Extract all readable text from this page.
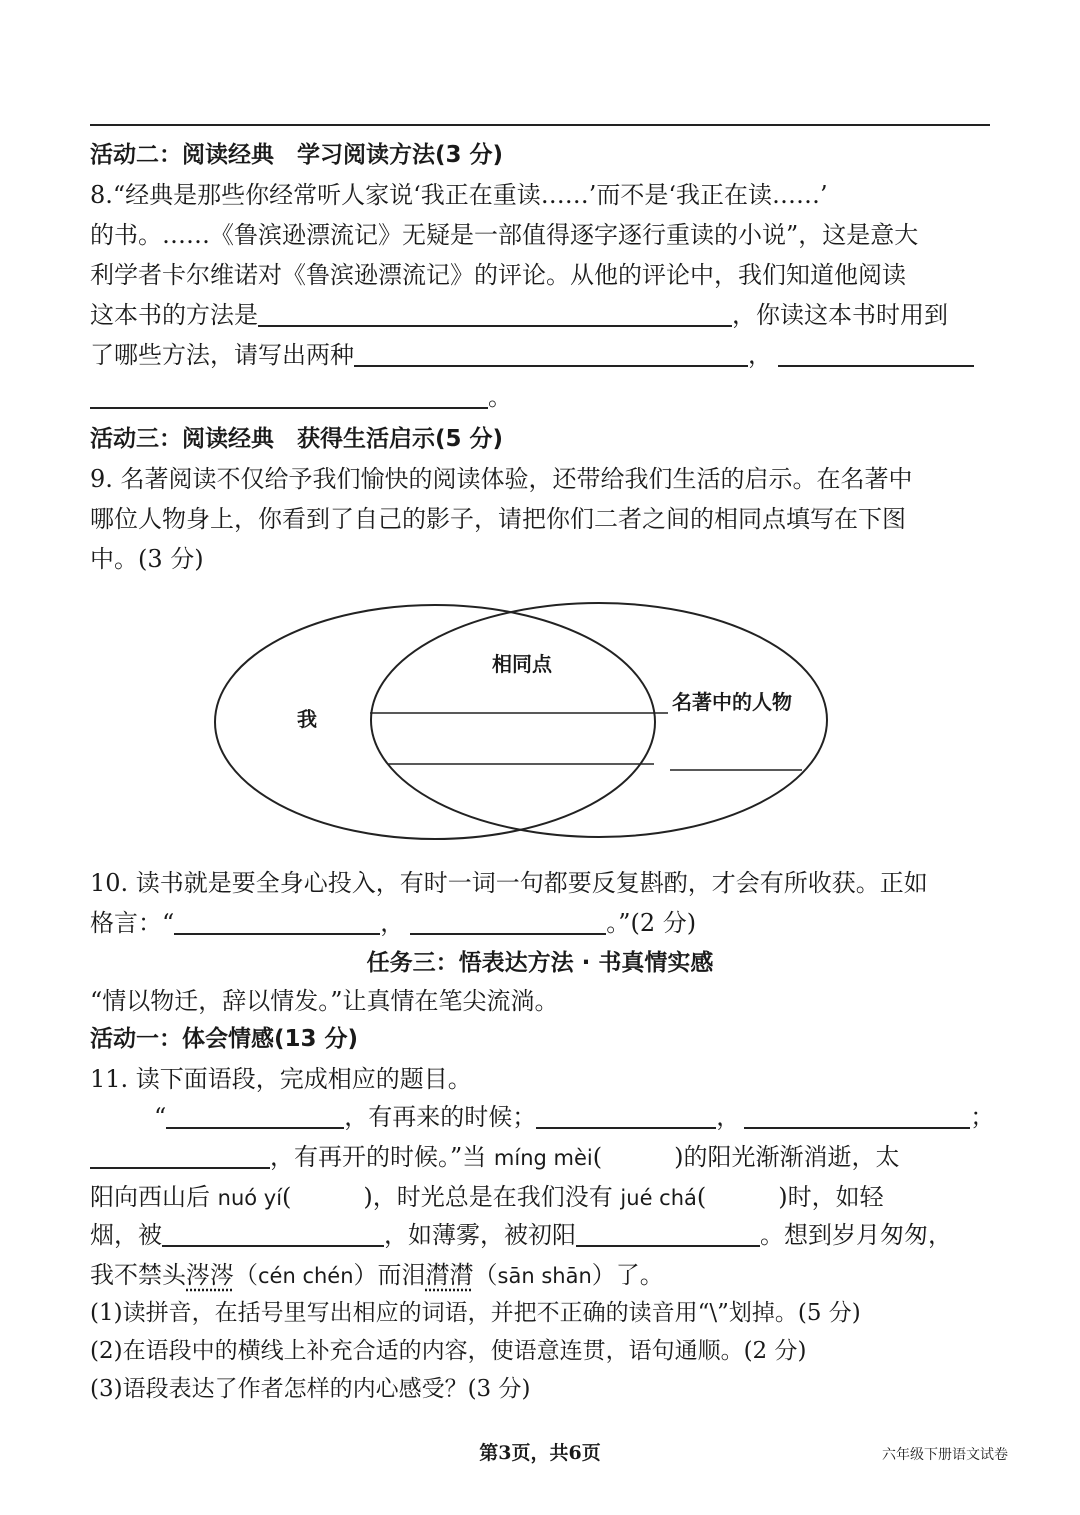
活动二：阅读经典　学习阅读方法(3 分)
8.“经典是那些你经常听人家说‘我正在重读……’而不是‘我正在读……’
的书。……《鲁滨逊漂流记》无疑是一部值得逐字逐行重读的小说”，这是意大
利学者卡尔维诺对《鲁滨逊漂流记》的评论。从他的评论中，我们知道他阅读
这本书的方法是	，你读这本书时用到
了哪些方法，请写出两种	，
。
活动三：阅读经典　获得生活启示(5 分)
9. 名著阅读不仅给予我们愉快的阅读体验，还带给我们生活的启示。在名著中
哪位人物身上，你看到了自己的影子，请把你们二者之间的相同点填写在下图
中。(3 分)
我
相同点
名著中的人物
10. 读书就是要全身心投入，有时一词一句都要反复斟酌，才会有所收获。正如
格言：“	，	。”(2 分)
任务三：悟表达方法 · 书真情实感
“情以物迁，辞以情发。”让真情在笔尖流淌。
活动一：体会情感(13 分)
11. 读下面语段，完成相应的题目。
“	，有再来的时候；	，	；
，有再开的时候。”当 míng mèi(   )的阳光渐渐消逝，太
阳向西山后 nuó yí(   )，时光总是在我们没有 jué chá(   )时，如轻
烟，被	，如薄雾，被初阳	。想到岁月匆匆，
我不禁头涔涔（cén chén）而泪潸潸（sān shān）了。
(1)读拼音，在括号里写出相应的词语，并把不正确的读音用“\”划掉。(5 分)
(2)在语段中的横线上补充合适的内容，使语意连贯，语句通顺。(2 分)
(3)语段表达了作者怎样的内心感受？(3 分)
第3页，共6页	六年级下册语文试卷
